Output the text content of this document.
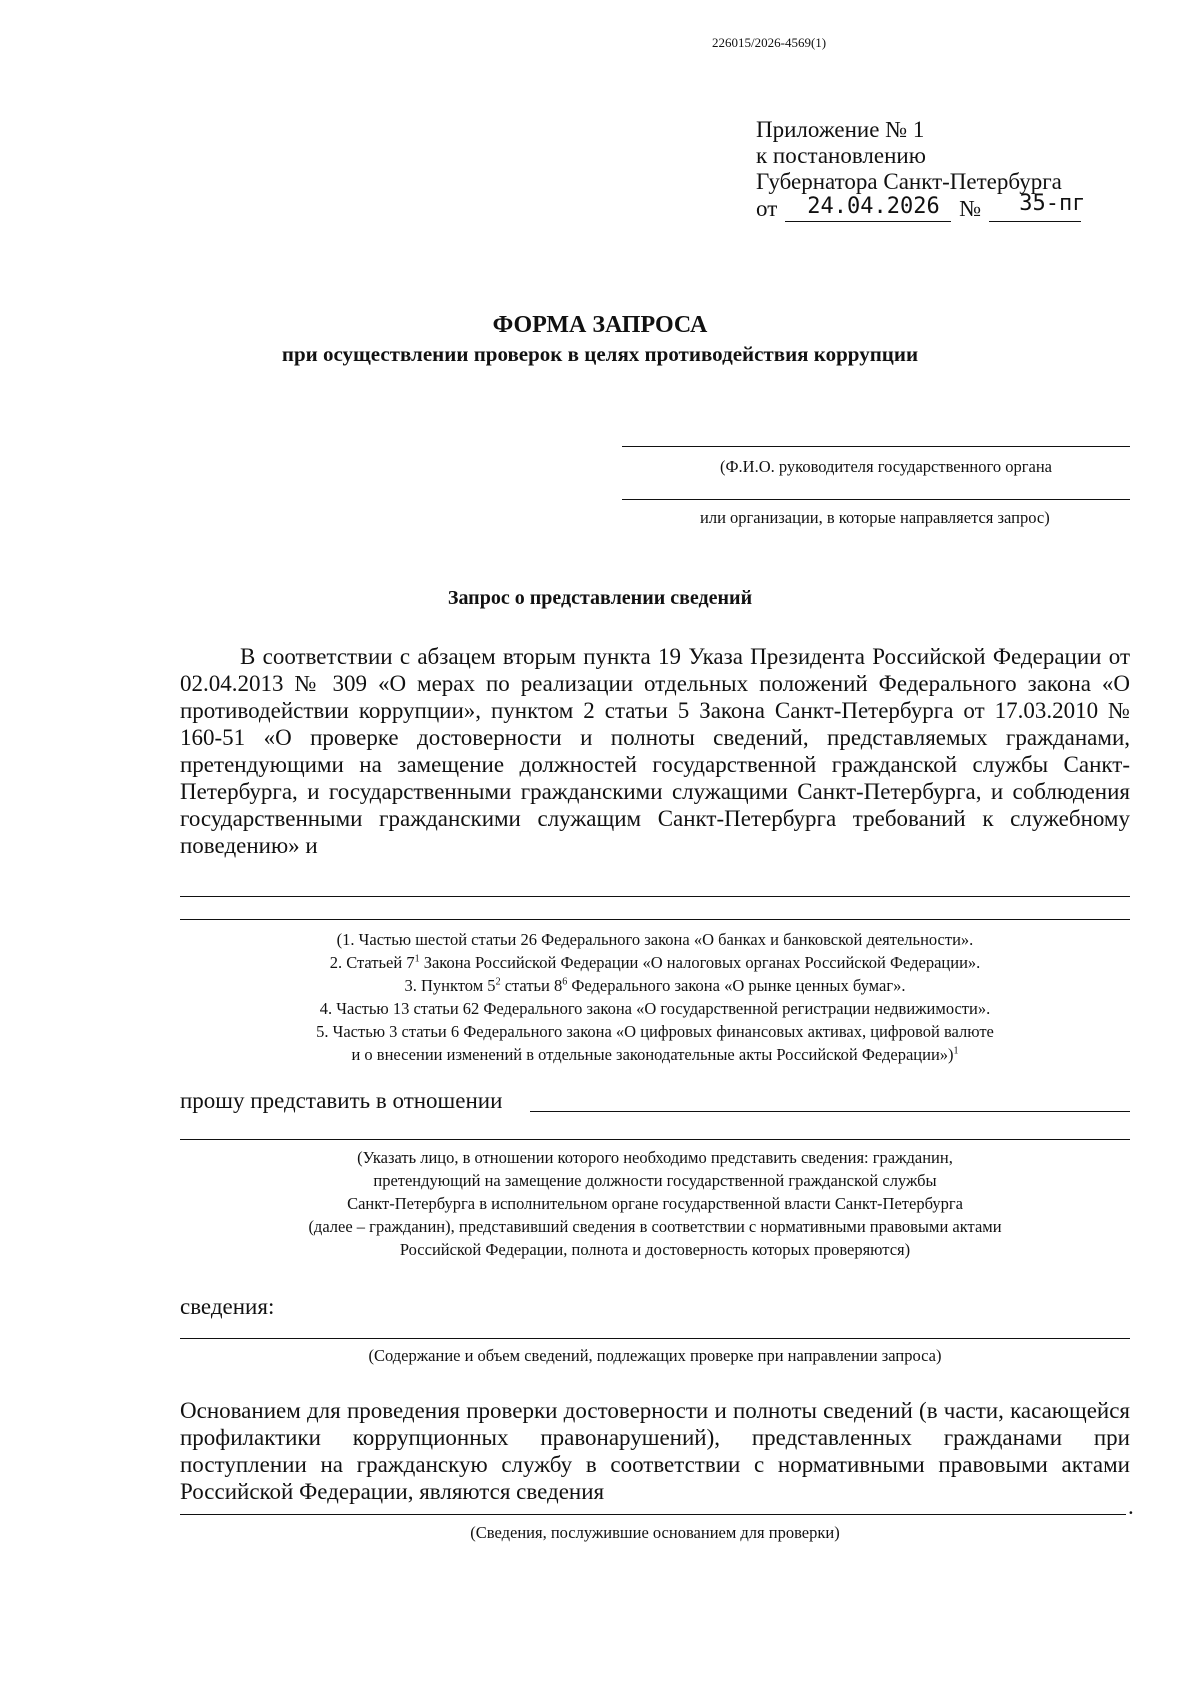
226015/2026-4569(1)
Приложение № 1
к постановлению
Губернатора Санкт-Петербурга
от 24.04.2026 № 35-пг
ФОРМА ЗАПРОСА
при осуществлении проверок в целях противодействия коррупции
(Ф.И.О. руководителя государственного органа
или организации, в которые направляется запрос)
Запрос о представлении сведений
В соответствии с абзацем вторым пункта 19 Указа Президента Российской Федерации от 02.04.2013 № 309 «О мерах по реализации отдельных положений Федерального закона «О противодействии коррупции», пунктом 2 статьи 5 Закона Санкт-Петербурга от 17.03.2010 № 160-51 «О проверке достоверности и полноты сведений, представляемых гражданами, претендующими на замещение должностей государственной гражданской службы Санкт-Петербурга, и государственными гражданскими служащими Санкт-Петербурга, и соблюдения государственными гражданскими служащим Санкт-Петербурга требований к служебному поведению» и
(1. Частью шестой статьи 26 Федерального закона «О банках и банковской деятельности».
2. Статьей $7^1$ Закона Российской Федерации «О налоговых органах Российской Федерации».
3. Пунктом $5^2$ статьи $8^6$ Федерального закона «О рынке ценных бумаг».
4. Частью 13 статьи 62 Федерального закона «О государственной регистрации недвижимости».
5. Частью 3 статьи 6 Федерального закона «О цифровых финансовых активах, цифровой валюте
и о внесении изменений в отдельные законодательные акты Российской Федерации»)$^1$
прошу представить в отношении
(Указать лицо, в отношении которого необходимо представить сведения: гражданин,
претендующий на замещение должности государственной гражданской службы
Санкт-Петербурга в исполнительном органе государственной власти Санкт-Петербурга
(далее – гражданин), представивший сведения в соответствии с нормативными правовыми актами
Российской Федерации, полнота и достоверность которых проверяются)
сведения:
(Содержание и объем сведений, подлежащих проверке при направлении запроса)
Основанием для проведения проверки достоверности и полноты сведений (в части, касающейся профилактики коррупционных правонарушений), представленных гражданами при поступлении на гражданскую службу в соответствии с нормативными правовыми актами Российской Федерации, являются сведения
.
(Сведения, послужившие основанием для проверки)
